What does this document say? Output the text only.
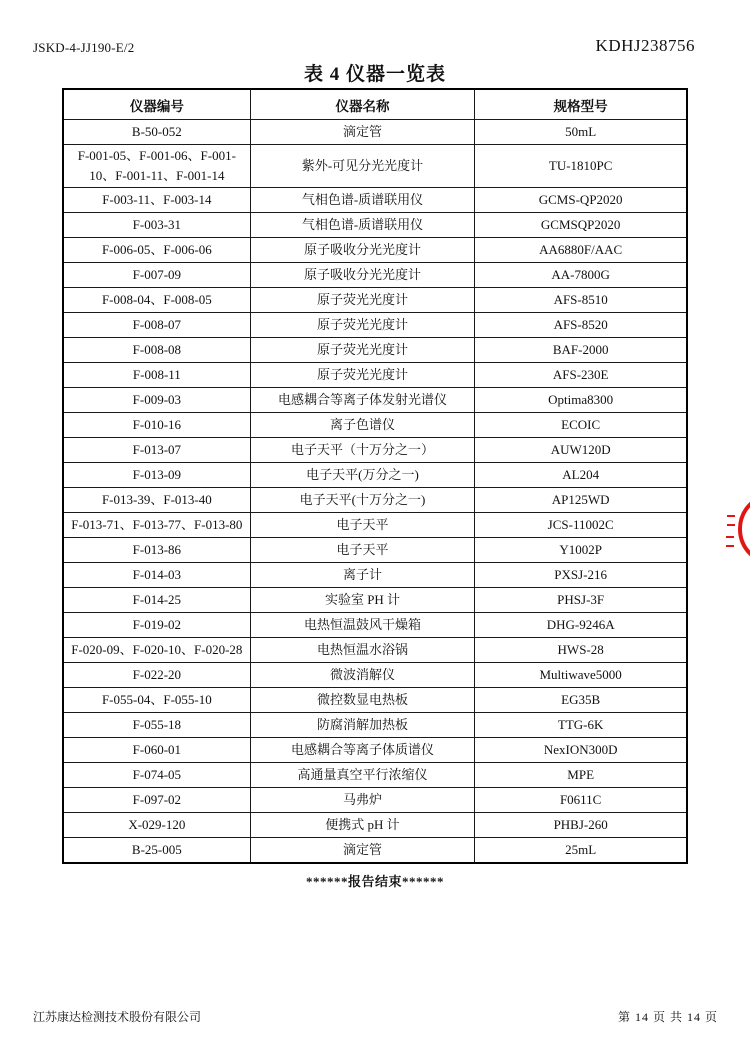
JSKD-4-JJ190-E/2	KDHJ238756
表 4 仪器一览表
仪器编号	仪器名称	规格型号
B-50-052	滴定管	50mL
F-001-05、F-001-06、F-001-10、F-001-11、F-001-14	紫外-可见分光光度计	TU-1810PC
F-003-11、F-003-14	气相色谱-质谱联用仪	GCMS-QP2020
F-003-31	气相色谱-质谱联用仪	GCMSQP2020
F-006-05、F-006-06	原子吸收分光光度计	AA6880F/AAC
F-007-09	原子吸收分光光度计	AA-7800G
F-008-04、F-008-05	原子荧光光度计	AFS-8510
F-008-07	原子荧光光度计	AFS-8520
F-008-08	原子荧光光度计	BAF-2000
F-008-11	原子荧光光度计	AFS-230E
F-009-03	电感耦合等离子体发射光谱仪	Optima8300
F-010-16	离子色谱仪	ECOIC
F-013-07	电子天平（十万分之一）	AUW120D
F-013-09	电子天平(万分之一)	AL204
F-013-39、F-013-40	电子天平(十万分之一)	AP125WD
F-013-71、F-013-77、F-013-80	电子天平	JCS-11002C
F-013-86	电子天平	Y1002P
F-014-03	离子计	PXSJ-216
F-014-25	实验室 PH 计	PHSJ-3F
F-019-02	电热恒温鼓风干燥箱	DHG-9246A
F-020-09、F-020-10、F-020-28	电热恒温水浴锅	HWS-28
F-022-20	微波消解仪	Multiwave5000
F-055-04、F-055-10	微控数显电热板	EG35B
F-055-18	防腐消解加热板	TTG-6K
F-060-01	电感耦合等离子体质谱仪	NexION300D
F-074-05	高通量真空平行浓缩仪	MPE
F-097-02	马弗炉	F0611C
X-029-120	便携式 pH 计	PHBJ-260
B-25-005	滴定管	25mL
******报告结束******
江苏康达检测技术股份有限公司	第 14 页 共 14 页
